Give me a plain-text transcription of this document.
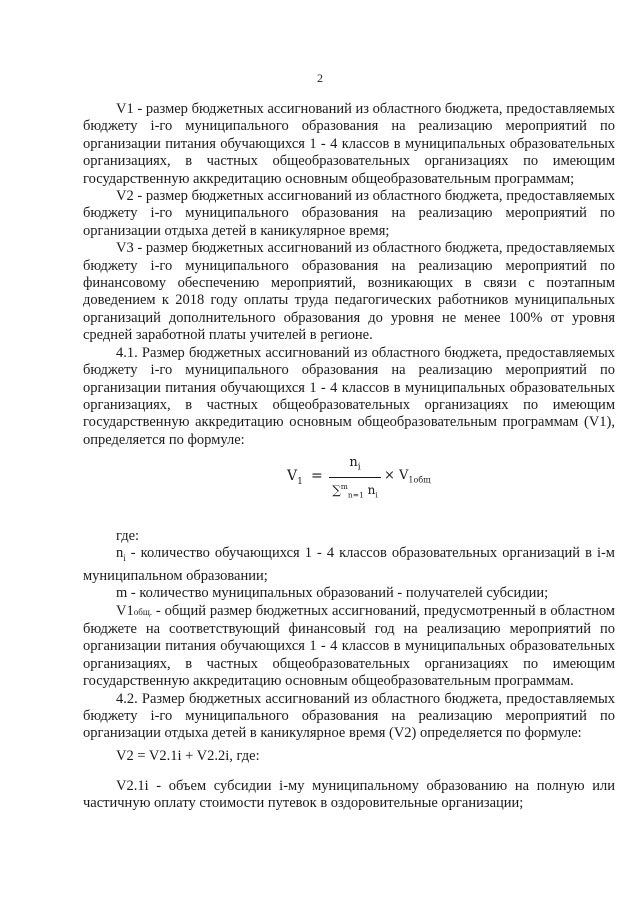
2

V1 - размер бюджетных ассигнований из областного бюджета, предоставляемых бюджету i-го муниципального образования на реализацию мероприятий по организации питания обучающихся 1 - 4 классов в муниципальных образовательных организациях, в частных общеобразовательных организациях по имеющим государственную аккредитацию основным общеобразовательным программам;

V2 - размер бюджетных ассигнований из областного бюджета, предоставляемых бюджету i-го муниципального образования на реализацию мероприятий по организации отдыха детей в каникулярное время;

V3 - размер бюджетных ассигнований из областного бюджета, предоставляемых бюджету i-го муниципального образования на реализацию мероприятий по финансовому обеспечению мероприятий, возникающих в связи с поэтапным доведением к 2018 году оплаты труда педагогических работников муниципальных организаций дополнительного образования до уровня не менее 100% от уровня средней заработной платы учителей в регионе.

4.1. Размер бюджетных ассигнований из областного бюджета, предоставляемых бюджету i-го муниципального образования на реализацию мероприятий по организации питания обучающихся 1 - 4 классов в муниципальных образовательных организациях, в частных общеобразовательных организациях по имеющим государственную аккредитацию основным общеобразовательным программам (V1), определяется по формуле:

$V_1$ =
$n_i$
∑$^m_{n=1}$ $n_i$
× $V_{1общ}$

где:

$n_i$ - количество обучающихся 1 - 4 классов образовательных организаций в i-м муниципальном образовании;

m - количество муниципальных образований - получателей субсидии;

V1общ. - общий размер бюджетных ассигнований, предусмотренный в областном бюджете на соответствующий финансовый год на реализацию мероприятий по организации питания обучающихся 1 - 4 классов в муниципальных образовательных организациях, в частных общеобразовательных организациях по имеющим государственную аккредитацию основным общеобразовательным программам.

4.2. Размер бюджетных ассигнований из областного бюджета, предоставляемых бюджету i-го муниципального образования на реализацию мероприятий по организации отдыха детей в каникулярное время (V2) определяется по формуле:

V2 = V2.1i + V2.2i, где:

V2.1i - объем субсидии i-му муниципальному образованию на полную или частичную оплату стоимости путевок в оздоровительные организации;
